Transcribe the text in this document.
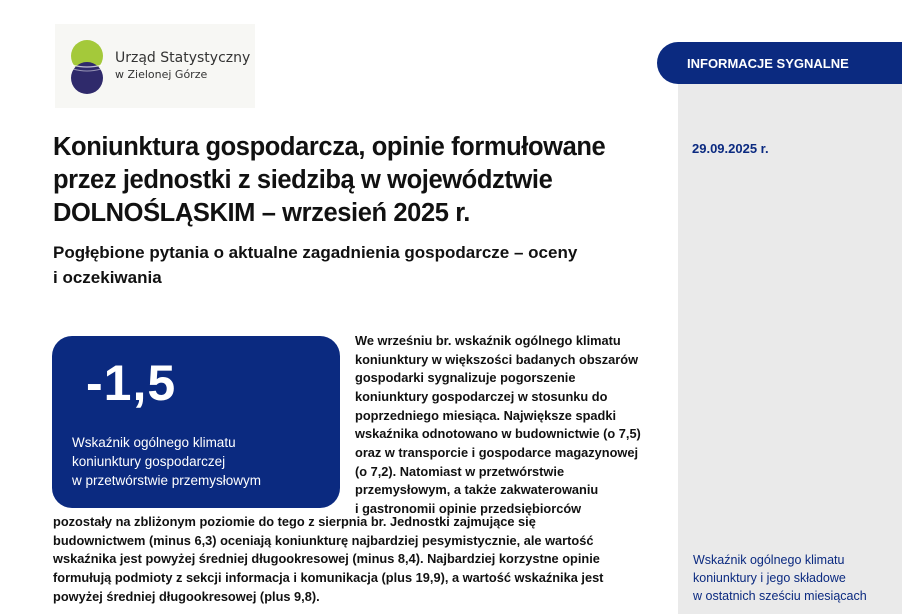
Urząd Statystyczny
w Zielonej Górze
INFORMACJE SYGNALNE
29.09.2025 r.
Koniunktura gospodarcza, opinie formułowane
przez jednostki z siedzibą w województwie
DOLNOŚLĄSKIM – wrzesień 2025 r.
Pogłębione pytania o aktualne zagadnienia gospodarcze – oceny
i oczekiwania
-1,5
Wskaźnik ogólnego klimatu
koniunktury gospodarczej
w przetwórstwie przemysłowym
We wrześniu br. wskaźnik ogólnego klimatu
koniunktury w większości badanych obszarów
gospodarki sygnalizuje pogorszenie
koniunktury gospodarczej w stosunku do
poprzedniego miesiąca. Największe spadki
wskaźnika odnotowano w budownictwie (o 7,5)
oraz w transporcie i gospodarce magazynowej
(o 7,2). Natomiast w przetwórstwie
przemysłowym, a także zakwaterowaniu
i gastronomii opinie przedsiębiorców
pozostały na zbliżonym poziomie do tego z sierpnia br. Jednostki zajmujące się
budownictwem (minus 6,3) oceniają koniunkturę najbardziej pesymistycznie, ale wartość
wskaźnika jest powyżej średniej długookresowej (minus 8,4). Najbardziej korzystne opinie
formułują podmioty z sekcji informacja i komunikacja (plus 19,9), a wartość wskaźnika jest
powyżej średniej długookresowej (plus 9,8).
Wskaźnik ogólnego klimatu
koniunktury i jego składowe
w ostatnich sześciu miesiącach
